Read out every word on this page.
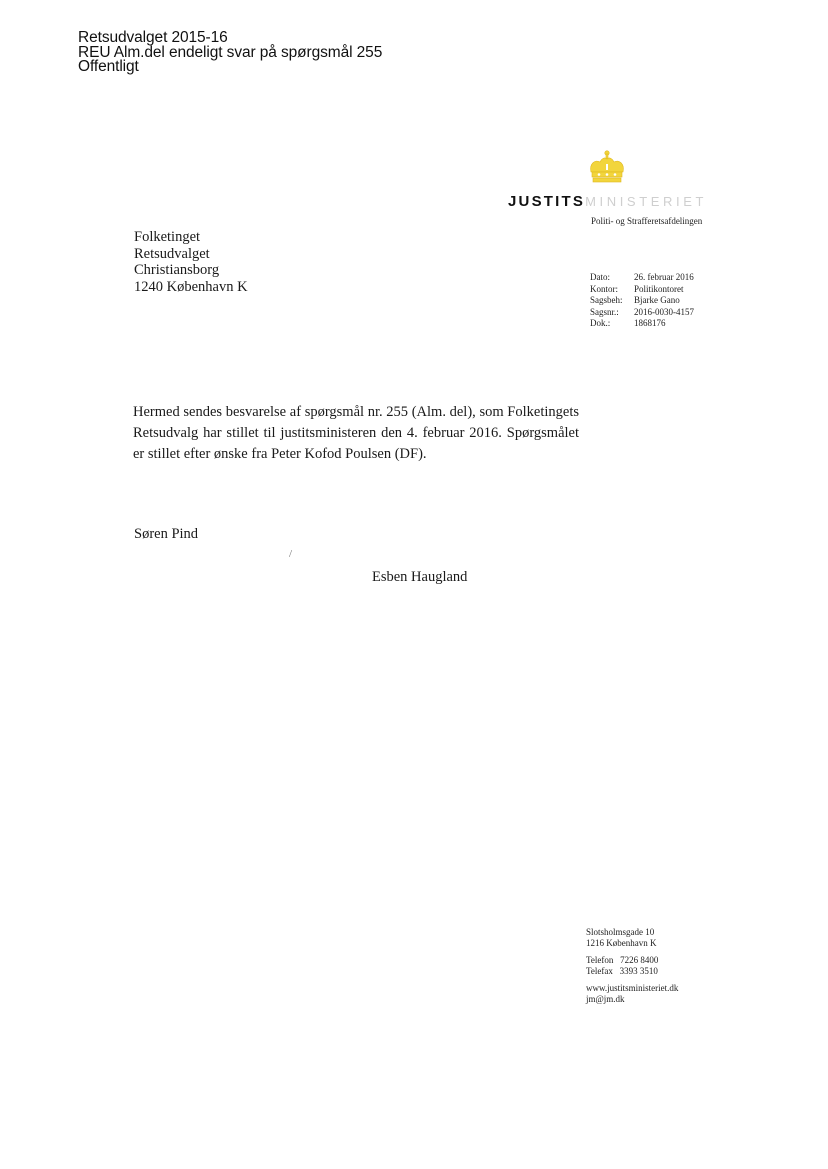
Retsudvalget 2015-16
REU Alm.del endeligt svar på spørgsmål 255
Offentligt
JUSTITSMINISTERIET
Politi- og Strafferetsafdelingen
Folketinget
Retsudvalget
Christiansborg
1240 København K
Dato:	26. februar 2016
Kontor:	Politikontoret
Sagsbeh:	Bjarke Gano
Sagsnr.:	2016-0030-4157
Dok.:	1868176
Hermed sendes besvarelse af spørgsmål nr. 255 (Alm. del), som Folketingets Retsudvalg har stillet til justitsministeren den 4. februar 2016. Spørgsmålet er stillet efter ønske fra Peter Kofod Poulsen (DF).
Søren Pind
/
Esben Haugland
Slotsholmsgade 10
1216 København K
Telefon   7226 8400
Telefax   3393 3510
www.justitsministeriet.dk
jm@jm.dk
